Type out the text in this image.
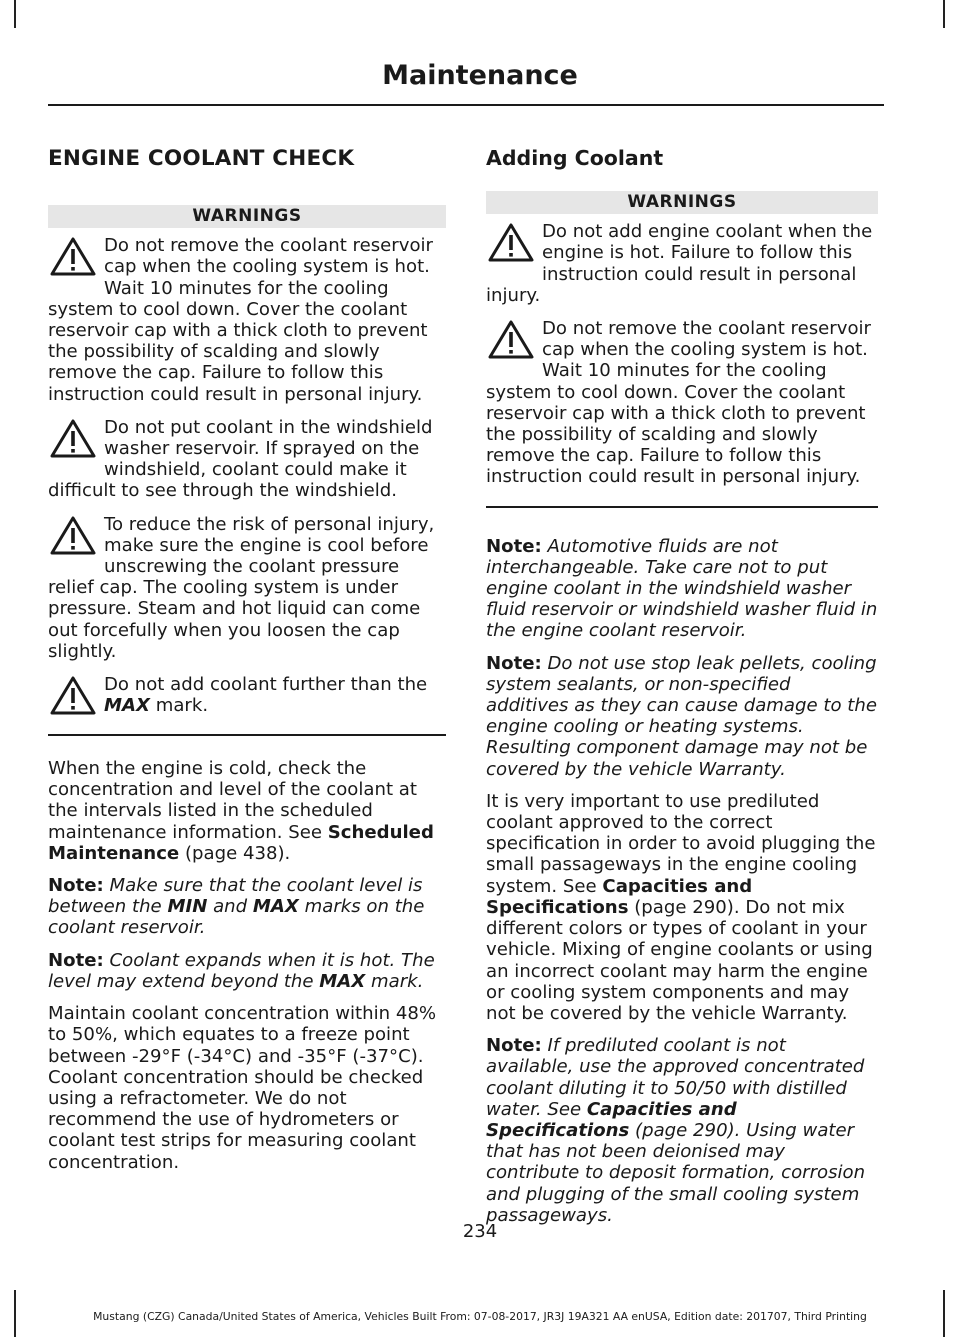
Maintenance
ENGINE COOLANT CHECK
WARNINGS

Do not remove the coolant reservoir cap when the cooling system is hot. Wait 10 minutes for the cooling system to cool down. Cover the coolant reservoir cap with a thick cloth to prevent the possibility of scalding and slowly remove the cap. Failure to follow this instruction could result in personal injury.

Do not put coolant in the windshield washer reservoir. If sprayed on the windshield, coolant could make it difficult to see through the windshield.

To reduce the risk of personal injury, make sure the engine is cool before unscrewing the coolant pressure relief cap. The cooling system is under pressure. Steam and hot liquid can come out forcefully when you loosen the cap slightly.

Do not add coolant further than the MAX mark.

When the engine is cold, check the concentration and level of the coolant at the intervals listed in the scheduled maintenance information. See Scheduled Maintenance (page 438).

Note: Make sure that the coolant level is between the MIN and MAX marks on the coolant reservoir.

Note: Coolant expands when it is hot. The level may extend beyond the MAX mark.

Maintain coolant concentration within 48% to 50%, which equates to a freeze point between -29°F (-34°C) and -35°F (-37°C). Coolant concentration should be checked using a refractometer. We do not recommend the use of hydrometers or coolant test strips for measuring coolant concentration.

Adding Coolant
WARNINGS

Do not add engine coolant when the engine is hot. Failure to follow this instruction could result in personal injury.

Do not remove the coolant reservoir cap when the cooling system is hot. Wait 10 minutes for the cooling system to cool down. Cover the coolant reservoir cap with a thick cloth to prevent the possibility of scalding and slowly remove the cap. Failure to follow this instruction could result in personal injury.

Note: Automotive fluids are not interchangeable. Take care not to put engine coolant in the windshield washer fluid reservoir or windshield washer fluid in the engine coolant reservoir.

Note: Do not use stop leak pellets, cooling system sealants, or non-specified additives as they can cause damage to the engine cooling or heating systems. Resulting component damage may not be covered by the vehicle Warranty.

It is very important to use prediluted coolant approved to the correct specification in order to avoid plugging the small passageways in the engine cooling system. See Capacities and Specifications (page 290). Do not mix different colors or types of coolant in your vehicle. Mixing of engine coolants or using an incorrect coolant may harm the engine or cooling system components and may not be covered by the vehicle Warranty.

Note: If prediluted coolant is not available, use the approved concentrated coolant diluting it to 50/50 with distilled water. See Capacities and Specifications (page 290). Using water that has not been deionised may contribute to deposit formation, corrosion and plugging of the small cooling system passageways.

234
Mustang (CZG) Canada/United States of America, Vehicles Built From: 07-08-2017, JR3J 19A321 AA enUSA, Edition date: 201707, Third Printing
